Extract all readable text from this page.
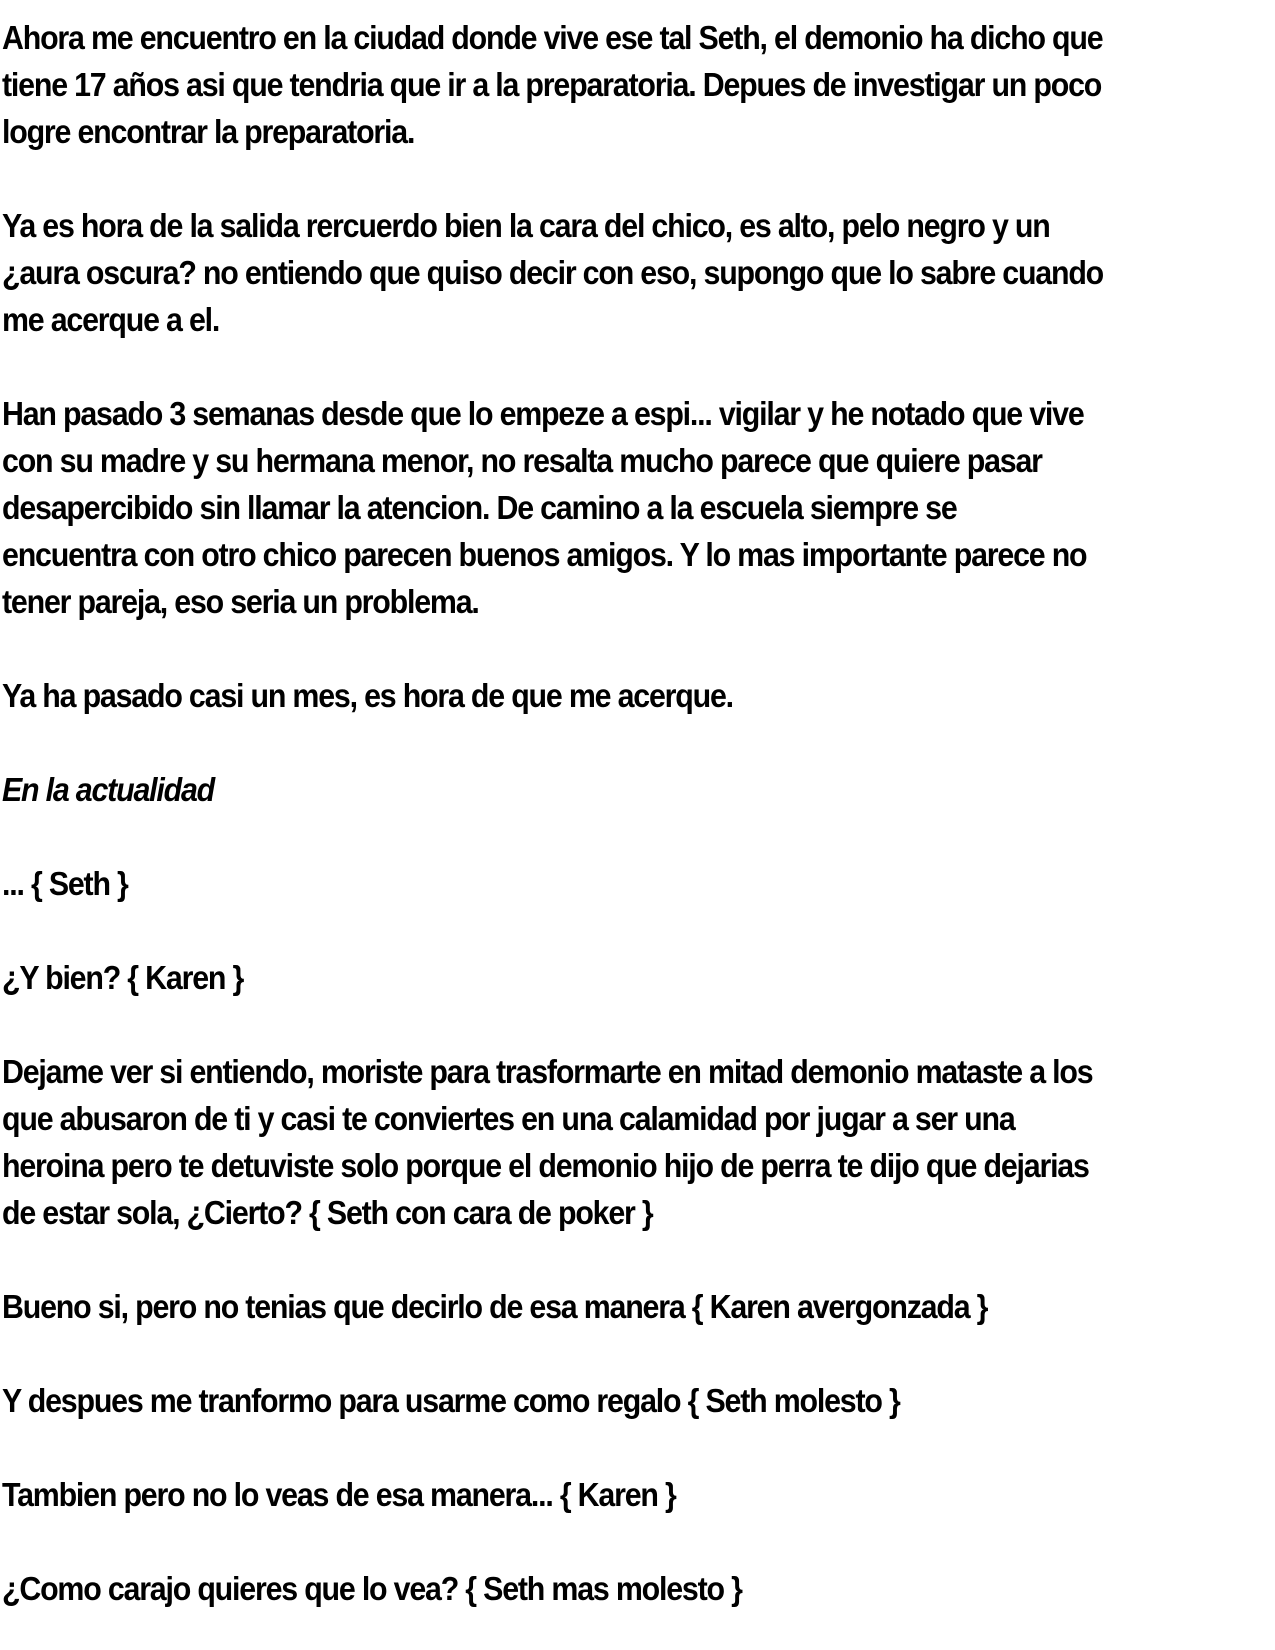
Ahora me encuentro en la ciudad donde vive ese tal Seth, el demonio ha dicho que
tiene 17 años asi que tendria que ir a la preparatoria. Depues de investigar un poco
logre encontrar la preparatoria.

Ya es hora de la salida rercuerdo bien la cara del chico, es alto, pelo negro y un
¿aura oscura? no entiendo que quiso decir con eso, supongo que lo sabre cuando
me acerque a el.

Han pasado 3 semanas desde que lo empeze a espi... vigilar y he notado que vive
con su madre y su hermana menor, no resalta mucho parece que quiere pasar
desapercibido sin llamar la atencion. De camino a la escuela siempre se
encuentra con otro chico parecen buenos amigos. Y lo mas importante parece no
tener pareja, eso seria un problema.

Ya ha pasado casi un mes, es hora de que me acerque.

En la actualidad

... { Seth }

¿Y bien? { Karen }

Dejame ver si entiendo, moriste para trasformarte en mitad demonio mataste a los
que abusaron de ti y casi te conviertes en una calamidad por jugar a ser una
heroina pero te detuviste solo porque el demonio hijo de perra te dijo que dejarias
de estar sola, ¿Cierto? { Seth con cara de poker }

Bueno si, pero no tenias que decirlo de esa manera { Karen avergonzada }

Y despues me tranformo para usarme como regalo { Seth molesto }

Tambien pero no lo veas de esa manera... { Karen }

¿Como carajo quieres que lo vea? { Seth mas molesto }
